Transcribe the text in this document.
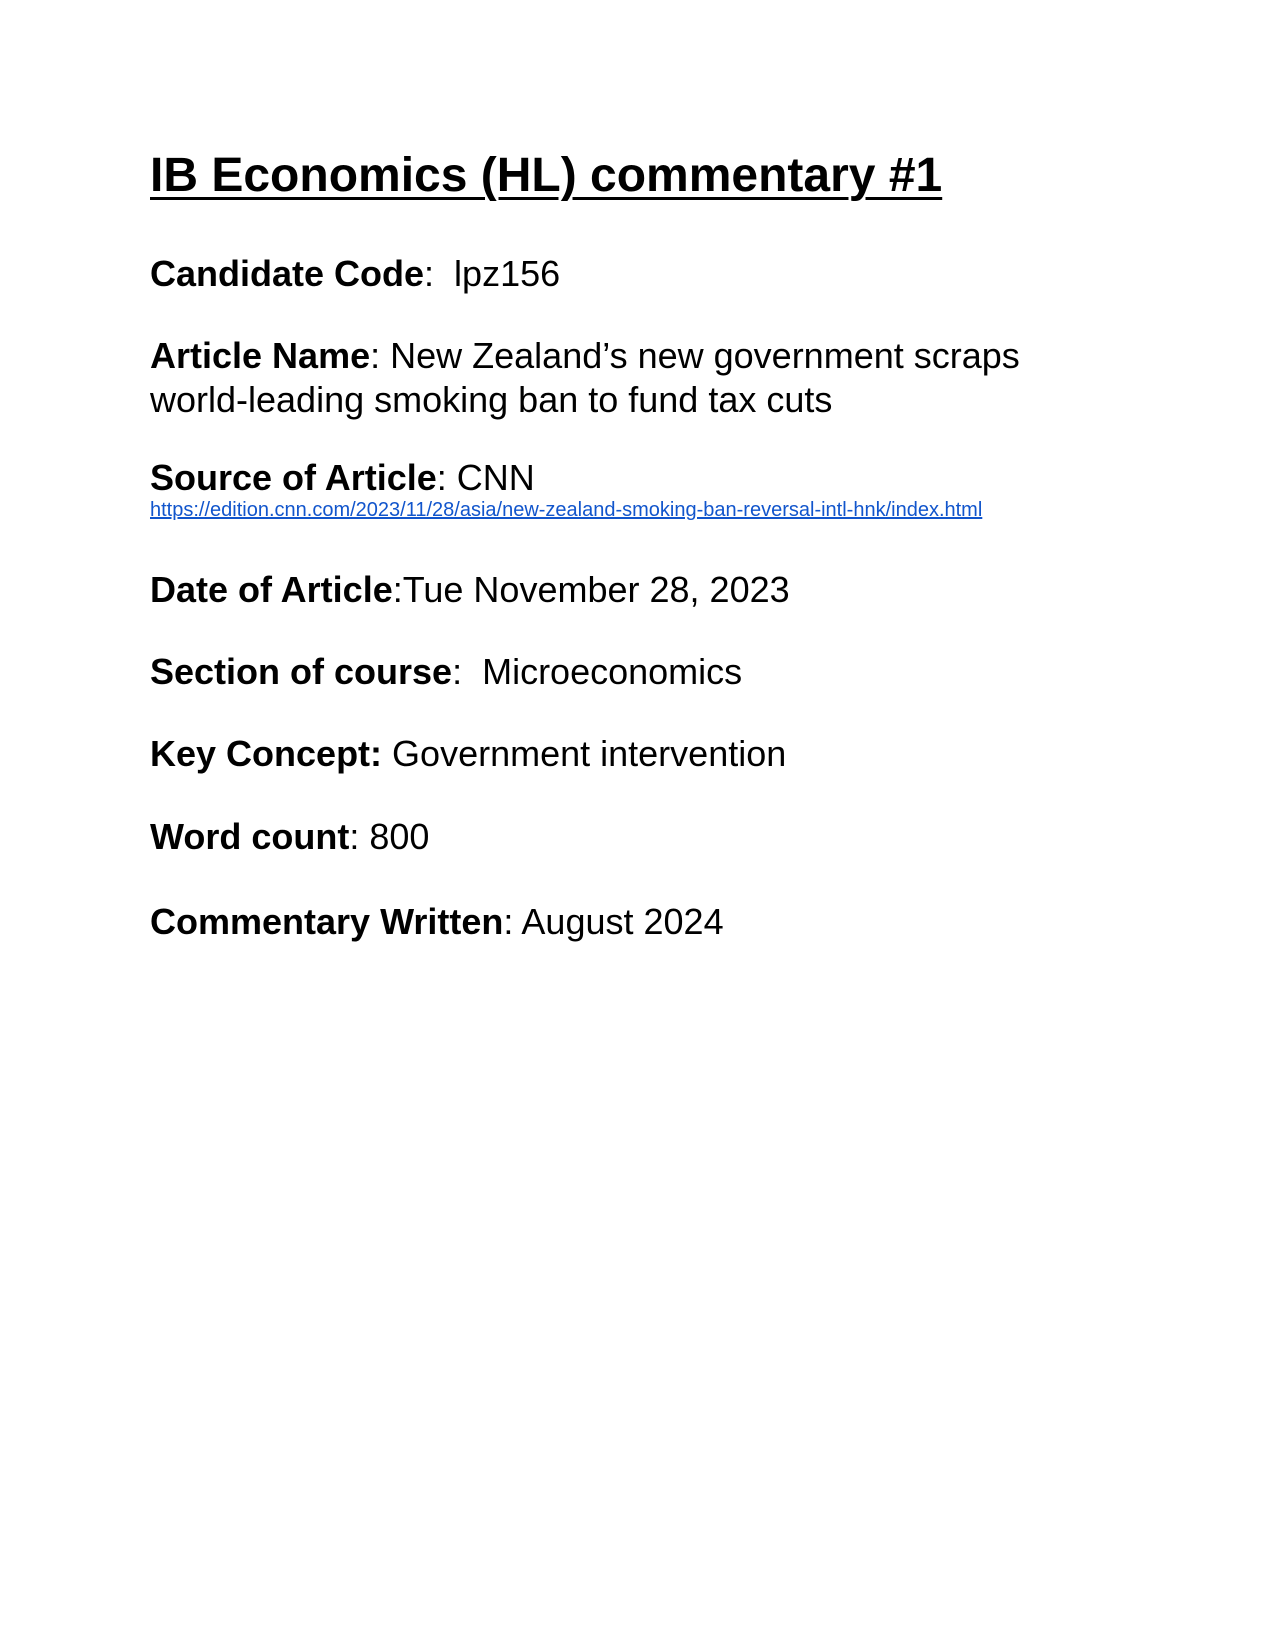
IB Economics (HL) commentary #1

Candidate Code:  lpz156

Article Name: New Zealand’s new government scraps world-leading smoking ban to fund tax cuts

Source of Article: CNN

https://edition.cnn.com/2023/11/28/asia/new-zealand-smoking-ban-reversal-intl-hnk/index.html

Date of Article:Tue November 28, 2023

Section of course:  Microeconomics

Key Concept: Government intervention

Word count: 800

Commentary Written: August 2024
